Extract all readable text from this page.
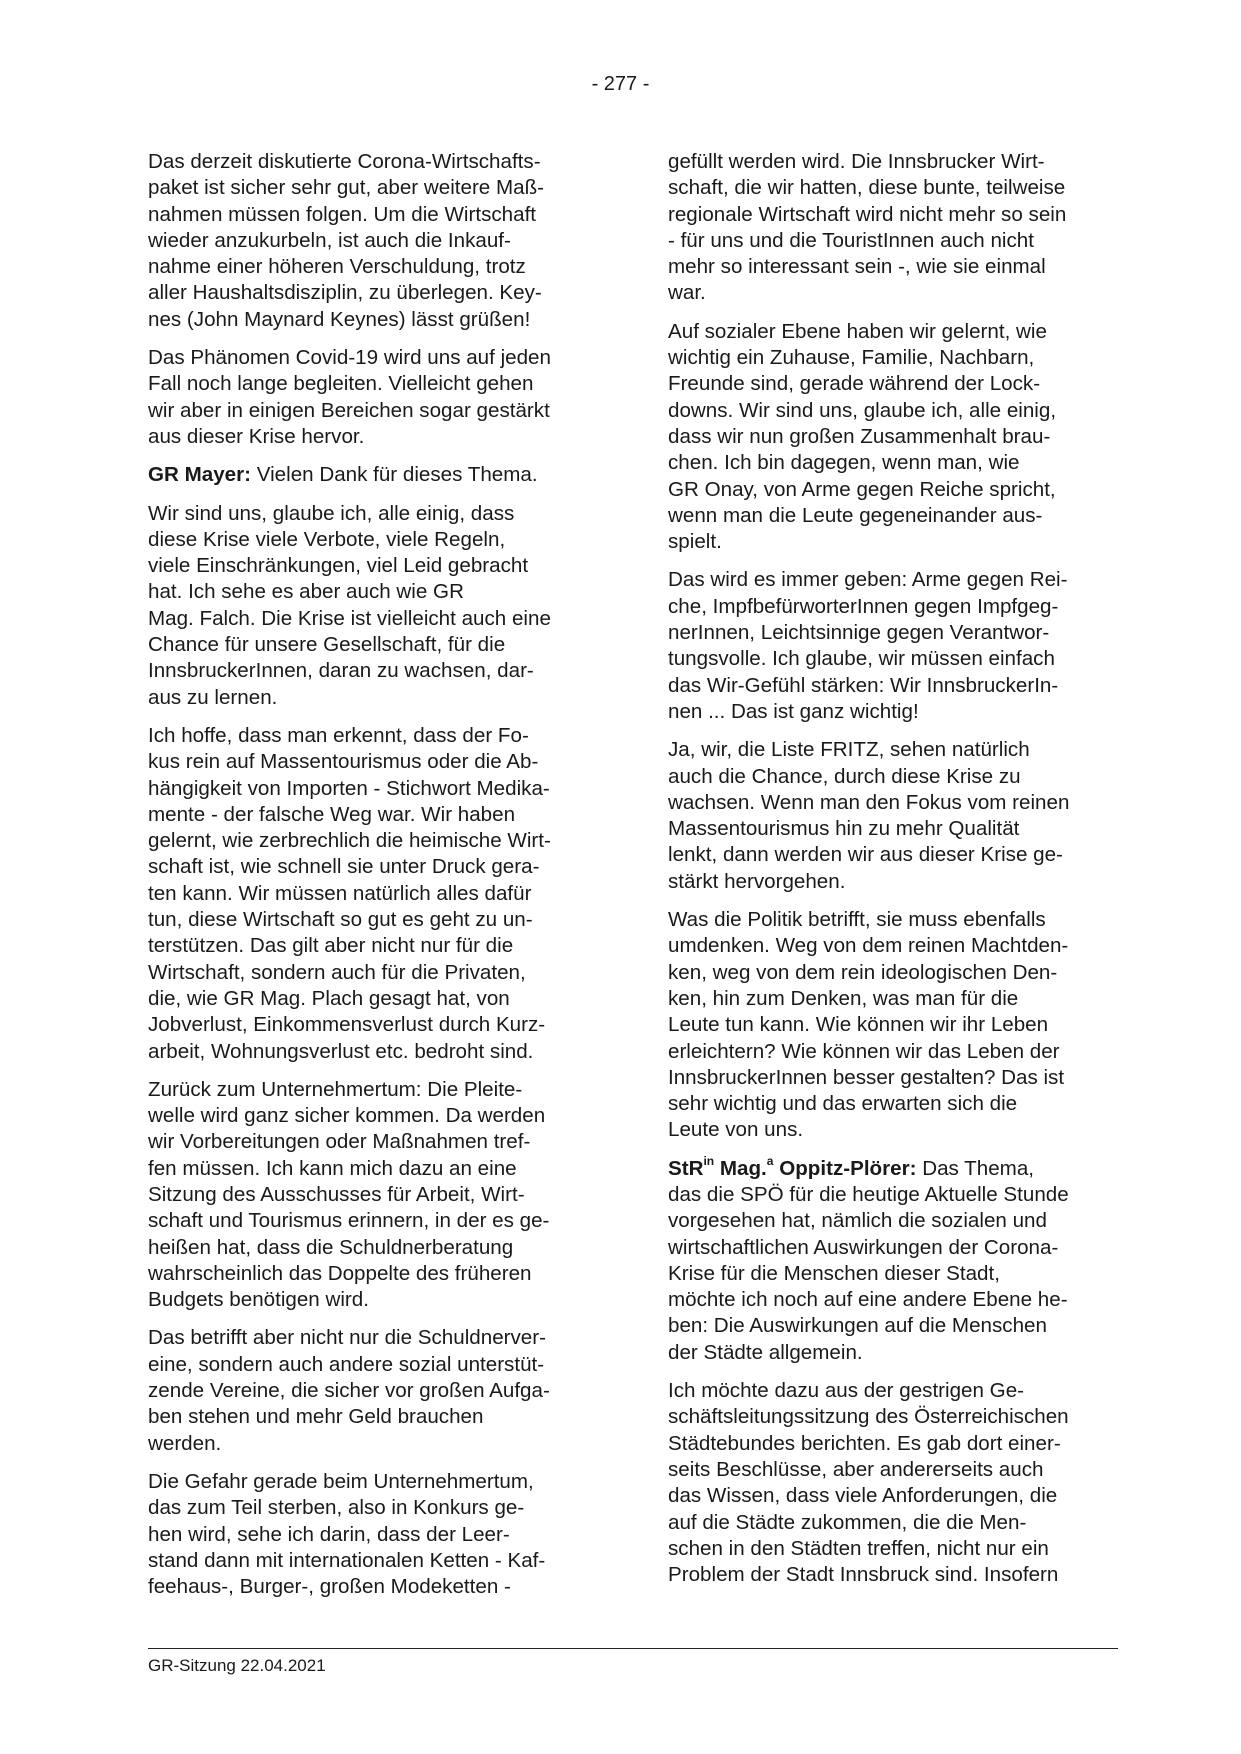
- 277 -
Das derzeit diskutierte Corona-Wirtschafts-
paket ist sicher sehr gut, aber weitere Maß-
nahmen müssen folgen. Um die Wirtschaft
wieder anzukurbeln, ist auch die Inkauf-
nahme einer höheren Verschuldung, trotz
aller Haushaltsdisziplin, zu überlegen. Key-
nes (John Maynard Keynes) lässt grüßen!
Das Phänomen Covid-19 wird uns auf jeden
Fall noch lange begleiten. Vielleicht gehen
wir aber in einigen Bereichen sogar gestärkt
aus dieser Krise hervor.
GR Mayer: Vielen Dank für dieses Thema.
Wir sind uns, glaube ich, alle einig, dass
diese Krise viele Verbote, viele Regeln,
viele Einschränkungen, viel Leid gebracht
hat. Ich sehe es aber auch wie GR
Mag. Falch. Die Krise ist vielleicht auch eine
Chance für unsere Gesellschaft, für die
InnsbruckerInnen, daran zu wachsen, dar-
aus zu lernen.
Ich hoffe, dass man erkennt, dass der Fo-
kus rein auf Massentourismus oder die Ab-
hängigkeit von Importen - Stichwort Medika-
mente - der falsche Weg war. Wir haben
gelernt, wie zerbrechlich die heimische Wirt-
schaft ist, wie schnell sie unter Druck gera-
ten kann. Wir müssen natürlich alles dafür
tun, diese Wirtschaft so gut es geht zu un-
terstützen. Das gilt aber nicht nur für die
Wirtschaft, sondern auch für die Privaten,
die, wie GR Mag. Plach gesagt hat, von
Jobverlust, Einkommensverlust durch Kurz-
arbeit, Wohnungsverlust etc. bedroht sind.
Zurück zum Unternehmertum: Die Pleite-
welle wird ganz sicher kommen. Da werden
wir Vorbereitungen oder Maßnahmen tref-
fen müssen. Ich kann mich dazu an eine
Sitzung des Ausschusses für Arbeit, Wirt-
schaft und Tourismus erinnern, in der es ge-
heißen hat, dass die Schuldnerberatung
wahrscheinlich das Doppelte des früheren
Budgets benötigen wird.
Das betrifft aber nicht nur die Schuldnerver-
eine, sondern auch andere sozial unterstüt-
zende Vereine, die sicher vor großen Aufga-
ben stehen und mehr Geld brauchen
werden.
Die Gefahr gerade beim Unternehmertum,
das zum Teil sterben, also in Konkurs ge-
hen wird, sehe ich darin, dass der Leer-
stand dann mit internationalen Ketten - Kaf-
feehaus-, Burger-, großen Modeketten -
gefüllt werden wird. Die Innsbrucker Wirt-
schaft, die wir hatten, diese bunte, teilweise
regionale Wirtschaft wird nicht mehr so sein
- für uns und die TouristInnen auch nicht
mehr so interessant sein -, wie sie einmal
war.
Auf sozialer Ebene haben wir gelernt, wie
wichtig ein Zuhause, Familie, Nachbarn,
Freunde sind, gerade während der Lock-
downs. Wir sind uns, glaube ich, alle einig,
dass wir nun großen Zusammenhalt brau-
chen. Ich bin dagegen, wenn man, wie
GR Onay, von Arme gegen Reiche spricht,
wenn man die Leute gegeneinander aus-
spielt.
Das wird es immer geben: Arme gegen Rei-
che, ImpfbefürworterInnen gegen Impfgeg-
nerInnen, Leichtsinnige gegen Verantwor-
tungsvolle. Ich glaube, wir müssen einfach
das Wir-Gefühl stärken: Wir InnsbruckerIn-
nen ... Das ist ganz wichtig!
Ja, wir, die Liste FRITZ, sehen natürlich
auch die Chance, durch diese Krise zu
wachsen. Wenn man den Fokus vom reinen
Massentourismus hin zu mehr Qualität
lenkt, dann werden wir aus dieser Krise ge-
stärkt hervorgehen.
Was die Politik betrifft, sie muss ebenfalls
umdenken. Weg von dem reinen Machtden-
ken, weg von dem rein ideologischen Den-
ken, hin zum Denken, was man für die
Leute tun kann. Wie können wir ihr Leben
erleichtern? Wie können wir das Leben der
InnsbruckerInnen besser gestalten? Das ist
sehr wichtig und das erwarten sich die
Leute von uns.
StR$^{in}$ Mag.$^a$ Oppitz-Plörer: Das Thema,
das die SPÖ für die heutige Aktuelle Stunde
vorgesehen hat, nämlich die sozialen und
wirtschaftlichen Auswirkungen der Corona-
Krise für die Menschen dieser Stadt,
möchte ich noch auf eine andere Ebene he-
ben: Die Auswirkungen auf die Menschen
der Städte allgemein.
Ich möchte dazu aus der gestrigen Ge-
schäftsleitungssitzung des Österreichischen
Städtebundes berichten. Es gab dort einer-
seits Beschlüsse, aber andererseits auch
das Wissen, dass viele Anforderungen, die
auf die Städte zukommen, die die Men-
schen in den Städten treffen, nicht nur ein
Problem der Stadt Innsbruck sind. Insofern
GR-Sitzung 22.04.2021
